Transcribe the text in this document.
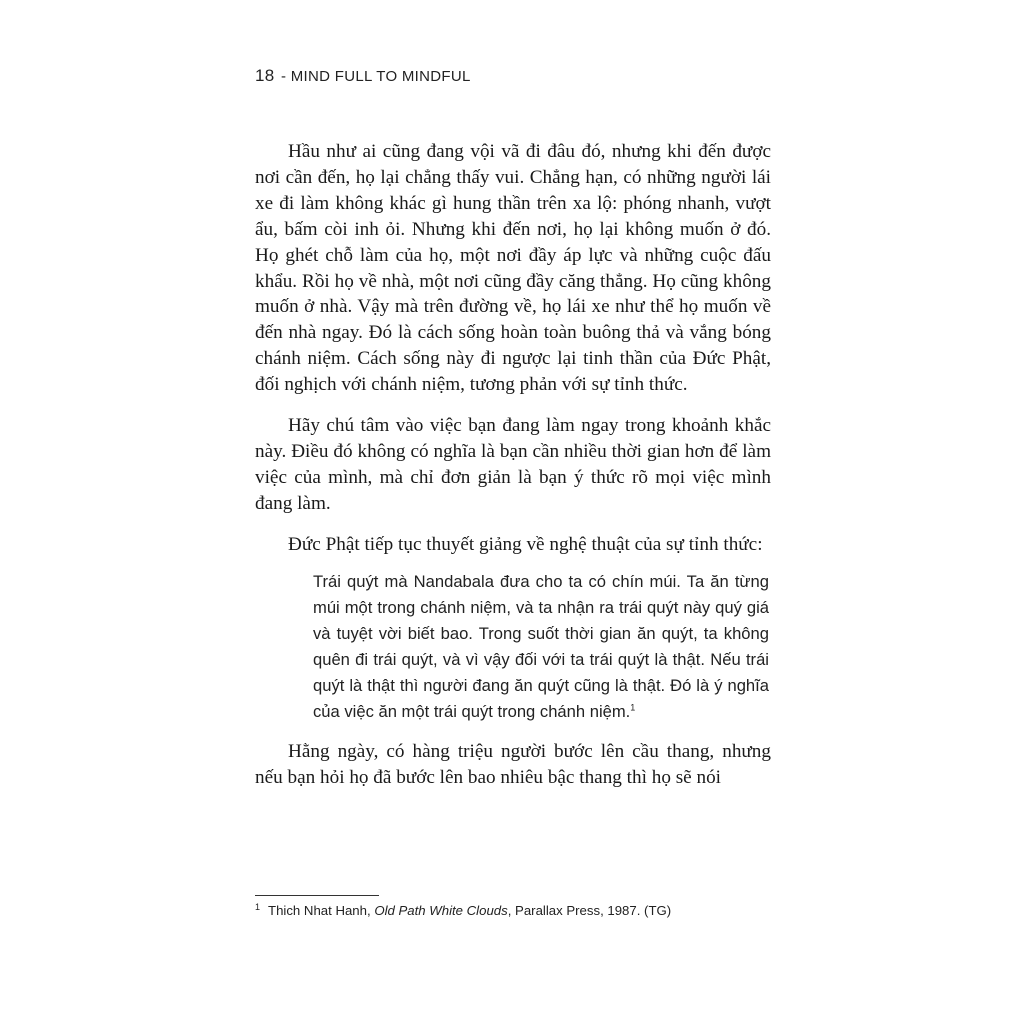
18 - MIND FULL TO MINDFUL

Hầu như ai cũng đang vội vã đi đâu đó, nhưng khi đến được nơi cần đến, họ lại chẳng thấy vui. Chẳng hạn, có những người lái xe đi làm không khác gì hung thần trên xa lộ: phóng nhanh, vượt ẩu, bấm còi inh ỏi. Nhưng khi đến nơi, họ lại không muốn ở đó. Họ ghét chỗ làm của họ, một nơi đầy áp lực và những cuộc đấu khẩu. Rồi họ về nhà, một nơi cũng đầy căng thẳng. Họ cũng không muốn ở nhà. Vậy mà trên đường về, họ lái xe như thể họ muốn về đến nhà ngay. Đó là cách sống hoàn toàn buông thả và vắng bóng chánh niệm. Cách sống này đi ngược lại tinh thần của Đức Phật, đối nghịch với chánh niệm, tương phản với sự tỉnh thức.

Hãy chú tâm vào việc bạn đang làm ngay trong khoảnh khắc này. Điều đó không có nghĩa là bạn cần nhiều thời gian hơn để làm việc của mình, mà chỉ đơn giản là bạn ý thức rõ mọi việc mình đang làm.

Đức Phật tiếp tục thuyết giảng về nghệ thuật của sự tỉnh thức:

Trái quýt mà Nandabala đưa cho ta có chín múi. Ta ăn từng múi một trong chánh niệm, và ta nhận ra trái quýt này quý giá và tuyệt vời biết bao. Trong suốt thời gian ăn quýt, ta không quên đi trái quýt, và vì vậy đối với ta trái quýt là thật. Nếu trái quýt là thật thì người đang ăn quýt cũng là thật. Đó là ý nghĩa của việc ăn một trái quýt trong chánh niệm.$^1$

Hằng ngày, có hàng triệu người bước lên cầu thang, nhưng nếu bạn hỏi họ đã bước lên bao nhiêu bậc thang thì họ sẽ nói

$^1$ Thich Nhat Hanh, Old Path White Clouds, Parallax Press, 1987. (TG)
